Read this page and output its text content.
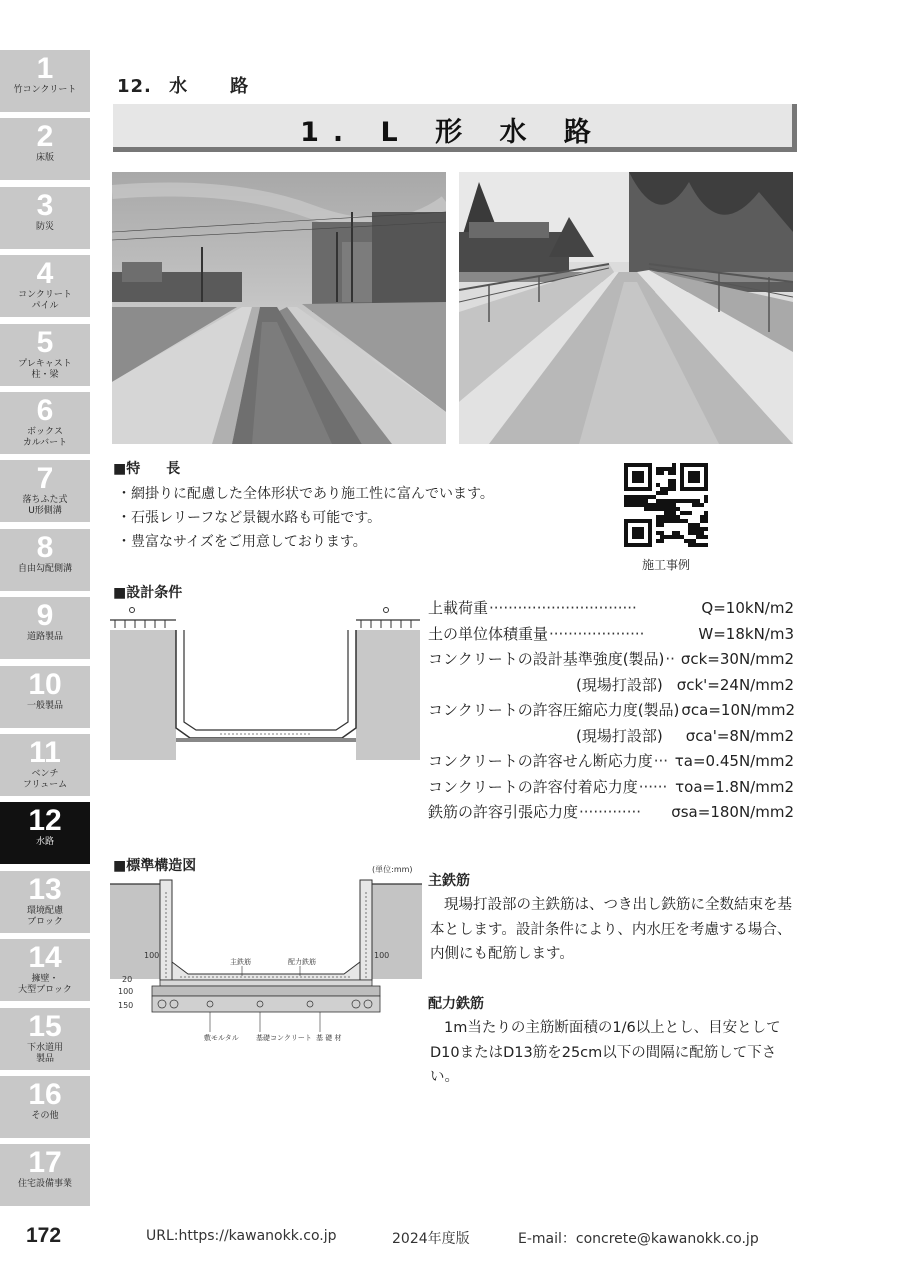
1
竹コンクリート
2
床版
3
防災
4
コンクリート
パイル
5
プレキャスト
柱・梁
6
ボックス
カルバート
7
落ちふた式
U形側溝
8
自由勾配側溝
9
道路製品
10
一般製品
11
ベンチ
フリューム
12
水路
13
環境配慮
ブロック
14
擁壁・
大型ブロック
15
下水道用
製品
16
その他
17
住宅設備事業
12. 水 路
1. L 形 水 路
■特 長
・網掛りに配慮した全体形状であり施工性に富んでいます。
・石張レリーフなど景観水路も可能です。
・豊富なサイズをご用意しております。
施工事例
■設計条件
上載荷重 ·······························	Q=10kN/m2
土の単位体積重量 ····················	W=18kN/m3
コンクリートの設計基準強度(製品) ·· σck=30N/mm2
(現場打設部) σck'=24N/mm2
コンクリートの許容圧縮応力度(製品) σca=10N/mm2
(現場打設部) σca'=8N/mm2
コンクリートの許容せん断応力度 ··· τa=0.45N/mm2
コンクリートの許容付着応力度 ······ τoa=1.8N/mm2
鉄筋の許容引張応力度 ·············	σsa=180N/mm2
■標準構造図	(単位:mm)
100	100
20
100
150
主鉄筋	配力鉄筋
敷モルタル 基礎コンクリート 基 礎 材
主鉄筋
現場打設部の主鉄筋は、つき出し鉄筋に全数結束を基本とします。設計条件により、内水圧を考慮する場合、内側にも配筋します。
配力鉄筋
1m当たりの主筋断面積の1/6以上とし、目安としてD10またはD13筋を25cm以下の間隔に配筋して下さい。
172	URL:https://kawanokk.co.jp	2024年度版	E-mail：concrete@kawanokk.co.jp
